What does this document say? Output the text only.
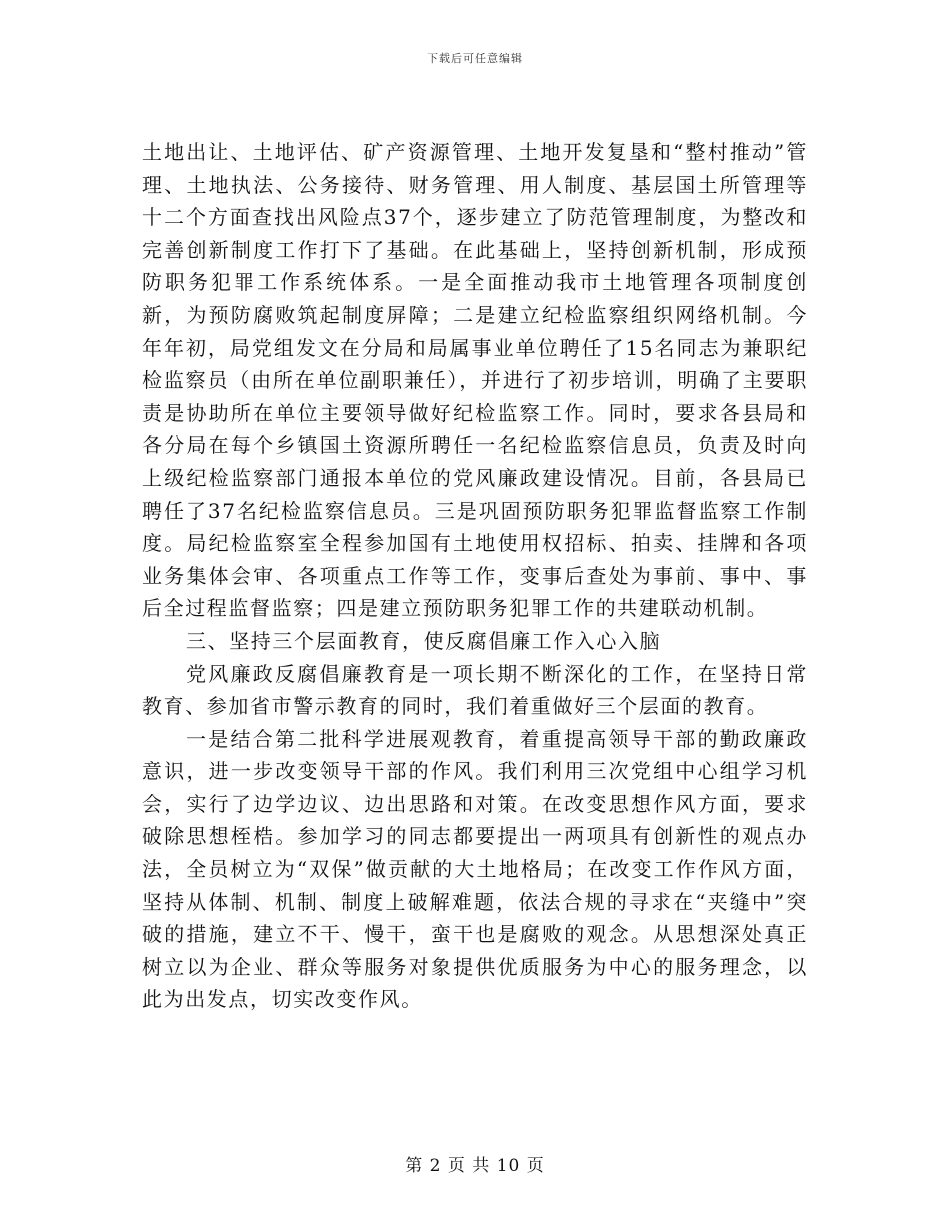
下载后可任意编辑

土地出让、土地评估、矿产资源管理、土地开发复垦和“整村推动”管理、土地执法、公务接待、财务管理、用人制度、基层国土所管理等十二个方面查找出风险点37个，逐步建立了防范管理制度，为整改和完善创新制度工作打下了基础。在此基础上，坚持创新机制，形成预防职务犯罪工作系统体系。一是全面推动我市土地管理各项制度创新，为预防腐败筑起制度屏障；二是建立纪检监察组织网络机制。今年年初，局党组发文在分局和局属事业单位聘任了15名同志为兼职纪检监察员（由所在单位副职兼任），并进行了初步培训，明确了主要职责是协助所在单位主要领导做好纪检监察工作。同时，要求各县局和各分局在每个乡镇国土资源所聘任一名纪检监察信息员，负责及时向上级纪检监察部门通报本单位的党风廉政建设情况。目前，各县局已聘任了37名纪检监察信息员。三是巩固预防职务犯罪监督监察工作制度。局纪检监察室全程参加国有土地使用权招标、拍卖、挂牌和各项业务集体会审、各项重点工作等工作，变事后查处为事前、事中、事后全过程监督监察；四是建立预防职务犯罪工作的共建联动机制。

三、坚持三个层面教育，使反腐倡廉工作入心入脑

党风廉政反腐倡廉教育是一项长期不断深化的工作，在坚持日常教育、参加省市警示教育的同时，我们着重做好三个层面的教育。

一是结合第二批科学进展观教育，着重提高领导干部的勤政廉政意识，进一步改变领导干部的作风。我们利用三次党组中心组学习机会，实行了边学边议、边出思路和对策。在改变思想作风方面，要求破除思想桎梏。参加学习的同志都要提出一两项具有创新性的观点办法，全员树立为“双保”做贡献的大土地格局；在改变工作作风方面，坚持从体制、机制、制度上破解难题，依法合规的寻求在“夹缝中”突破的措施，建立不干、慢干，蛮干也是腐败的观念。从思想深处真正树立以为企业、群众等服务对象提供优质服务为中心的服务理念，以此为出发点，切实改变作风。

第 2 页 共 10 页
